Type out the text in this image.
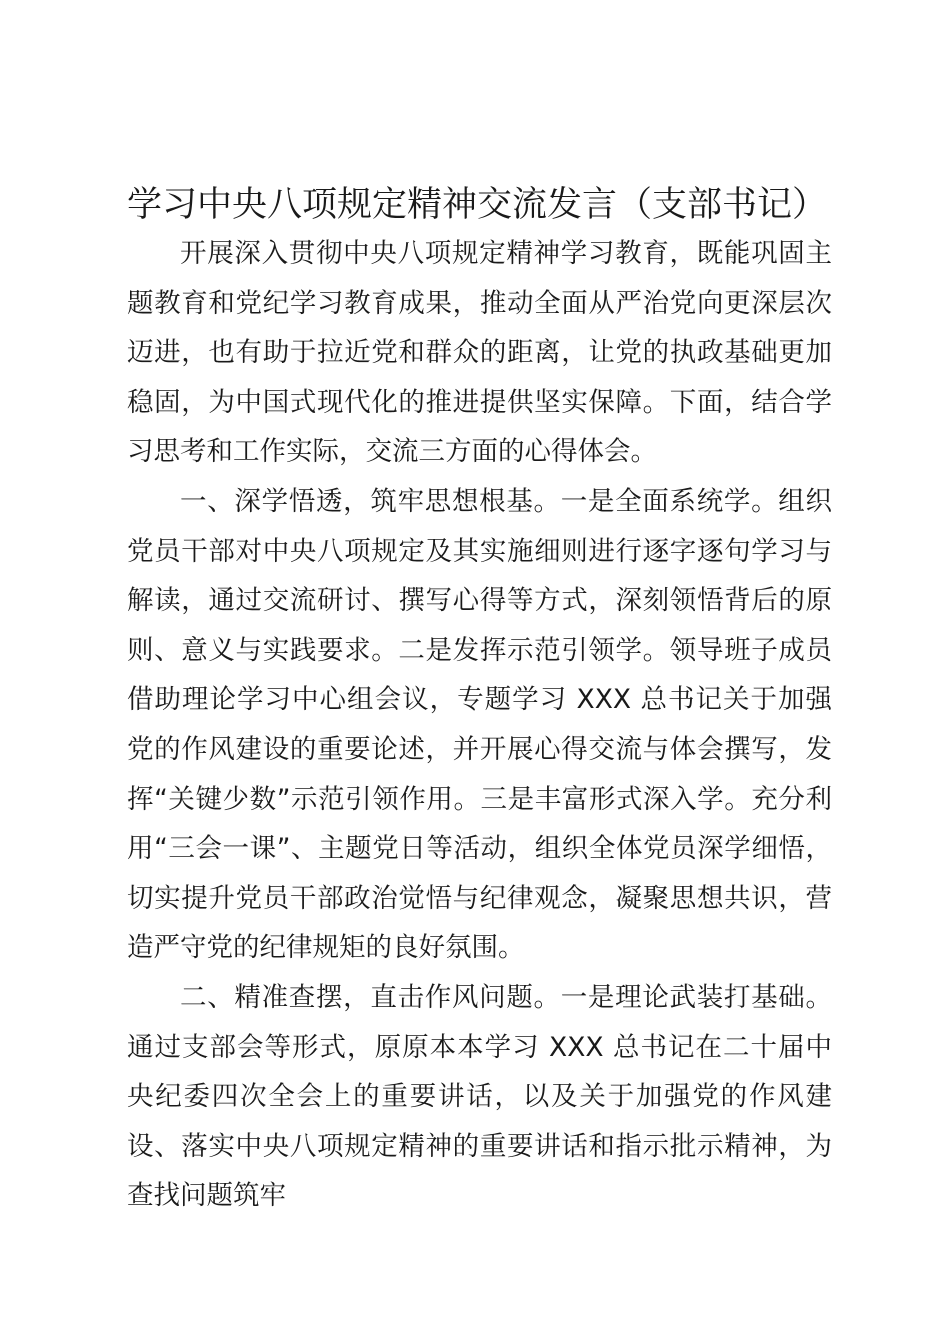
学习中央八项规定精神交流发言（支部书记）

开展深入贯彻中央八项规定精神学习教育，既能巩固主题教育和党纪学习教育成果，推动全面从严治党向更深层次迈进，也有助于拉近党和群众的距离，让党的执政基础更加稳固，为中国式现代化的推进提供坚实保障。下面，结合学习思考和工作实际，交流三方面的心得体会。

一、深学悟透，筑牢思想根基。一是全面系统学。组织党员干部对中央八项规定及其实施细则进行逐字逐句学习与解读，通过交流研讨、撰写心得等方式，深刻领悟背后的原则、意义与实践要求。二是发挥示范引领学。领导班子成员借助理论学习中心组会议，专题学习 XXX 总书记关于加强党的作风建设的重要论述，并开展心得交流与体会撰写，发挥“关键少数”示范引领作用。三是丰富形式深入学。充分利用“三会一课”、主题党日等活动，组织全体党员深学细悟，切实提升党员干部政治觉悟与纪律观念，凝聚思想共识，营造严守党的纪律规矩的良好氛围。

二、精准查摆，直击作风问题。一是理论武装打基础。通过支部会等形式，原原本本学习 XXX 总书记在二十届中央纪委四次全会上的重要讲话，以及关于加强党的作风建设、落实中央八项规定精神的重要讲话和指示批示精神，为查找问题筑牢
